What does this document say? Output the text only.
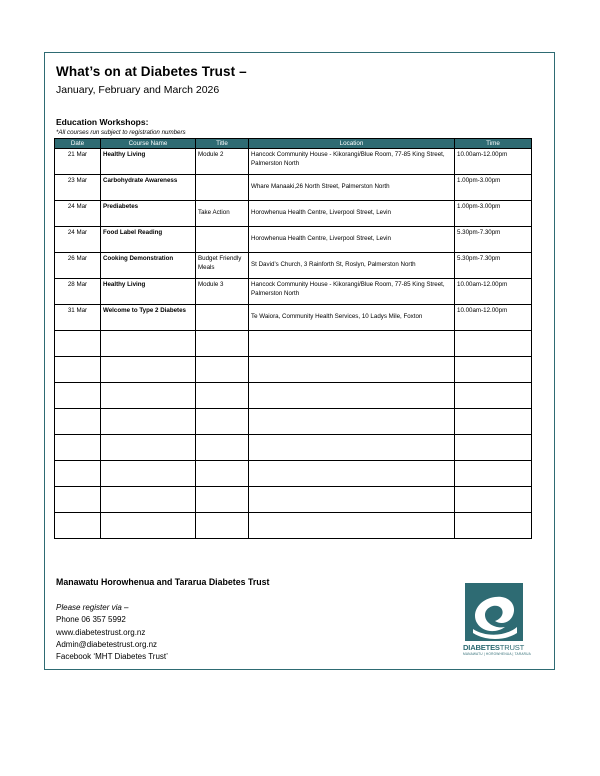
What’s on at Diabetes Trust –
January, February and March 2026
Education Workshops:
*All courses run subject to registration numbers
Date	Course Name	Title	Location	Time
21 Mar	Healthy Living	Module 2	Hancock Community House - Kikorangi/Blue Room, 77-85 King Street, Palmerston North	10.00am-12.00pm
23 Mar	Carbohydrate Awareness		Whare Manaaki,26 North Street, Palmerston North	1.00pm-3.00pm
24 Mar	Prediabetes	Take Action	Horowhenua Health Centre, Liverpool Street, Levin	1.00pm-3.00pm
24 Mar	Food Label Reading		Horowhenua Health Centre, Liverpool Street, Levin	5.30pm-7.30pm
26 Mar	Cooking Demonstration	Budget Friendly Meals	St David’s Church, 3 Rainforth St, Roslyn, Palmerston North	5.30pm-7.30pm
28 Mar	Healthy Living	Module 3	Hancock Community House - Kikorangi/Blue Room, 77-85 King Street, Palmerston North	10.00am-12.00pm
31 Mar	Welcome to Type 2 Diabetes		Te Waiora, Community Health Services, 10 Ladys Mile, Foxton	10.00am-12.00pm

Manawatu Horowhenua and Tararua Diabetes Trust
Please register via –
Phone 06 357 5992
www.diabetestrust.org.nz
Admin@diabetestrust.org.nz
Facebook ‘MHT Diabetes Trust’
DIABETESTRUST
MANAWATU | HOROWHENUA | TARARUA
